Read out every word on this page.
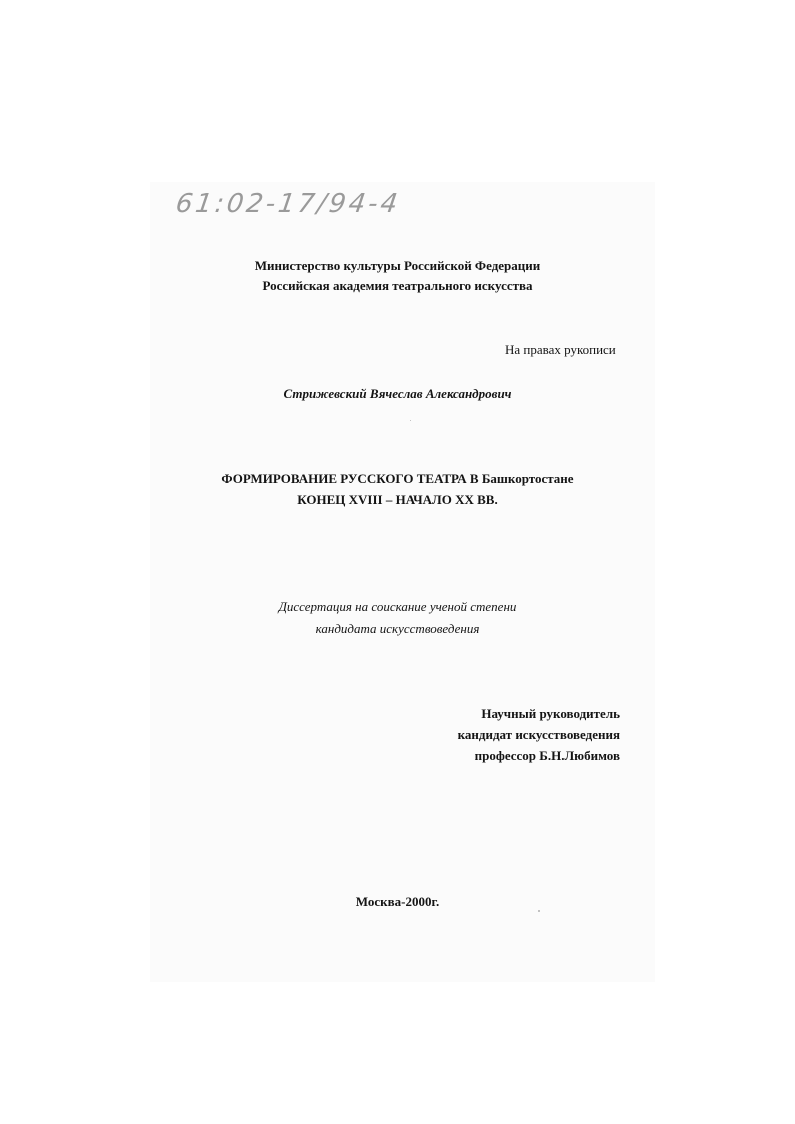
61:02-17/94-4
Министерство культуры Российской Федерации
Российская академия театрального искусства
На правах рукописи
Стрижевский Вячеслав Александрович
ФОРМИРОВАНИЕ РУССКОГО ТЕАТРА В Башкортостане
КОНЕЦ XVIII – НАЧАЛО XX ВВ.
Диссертация на соискание ученой степени
кандидата искусствоведения
Научный руководитель
кандидат искусствоведения
профессор Б.Н.Любимов
Москва-2000г.
